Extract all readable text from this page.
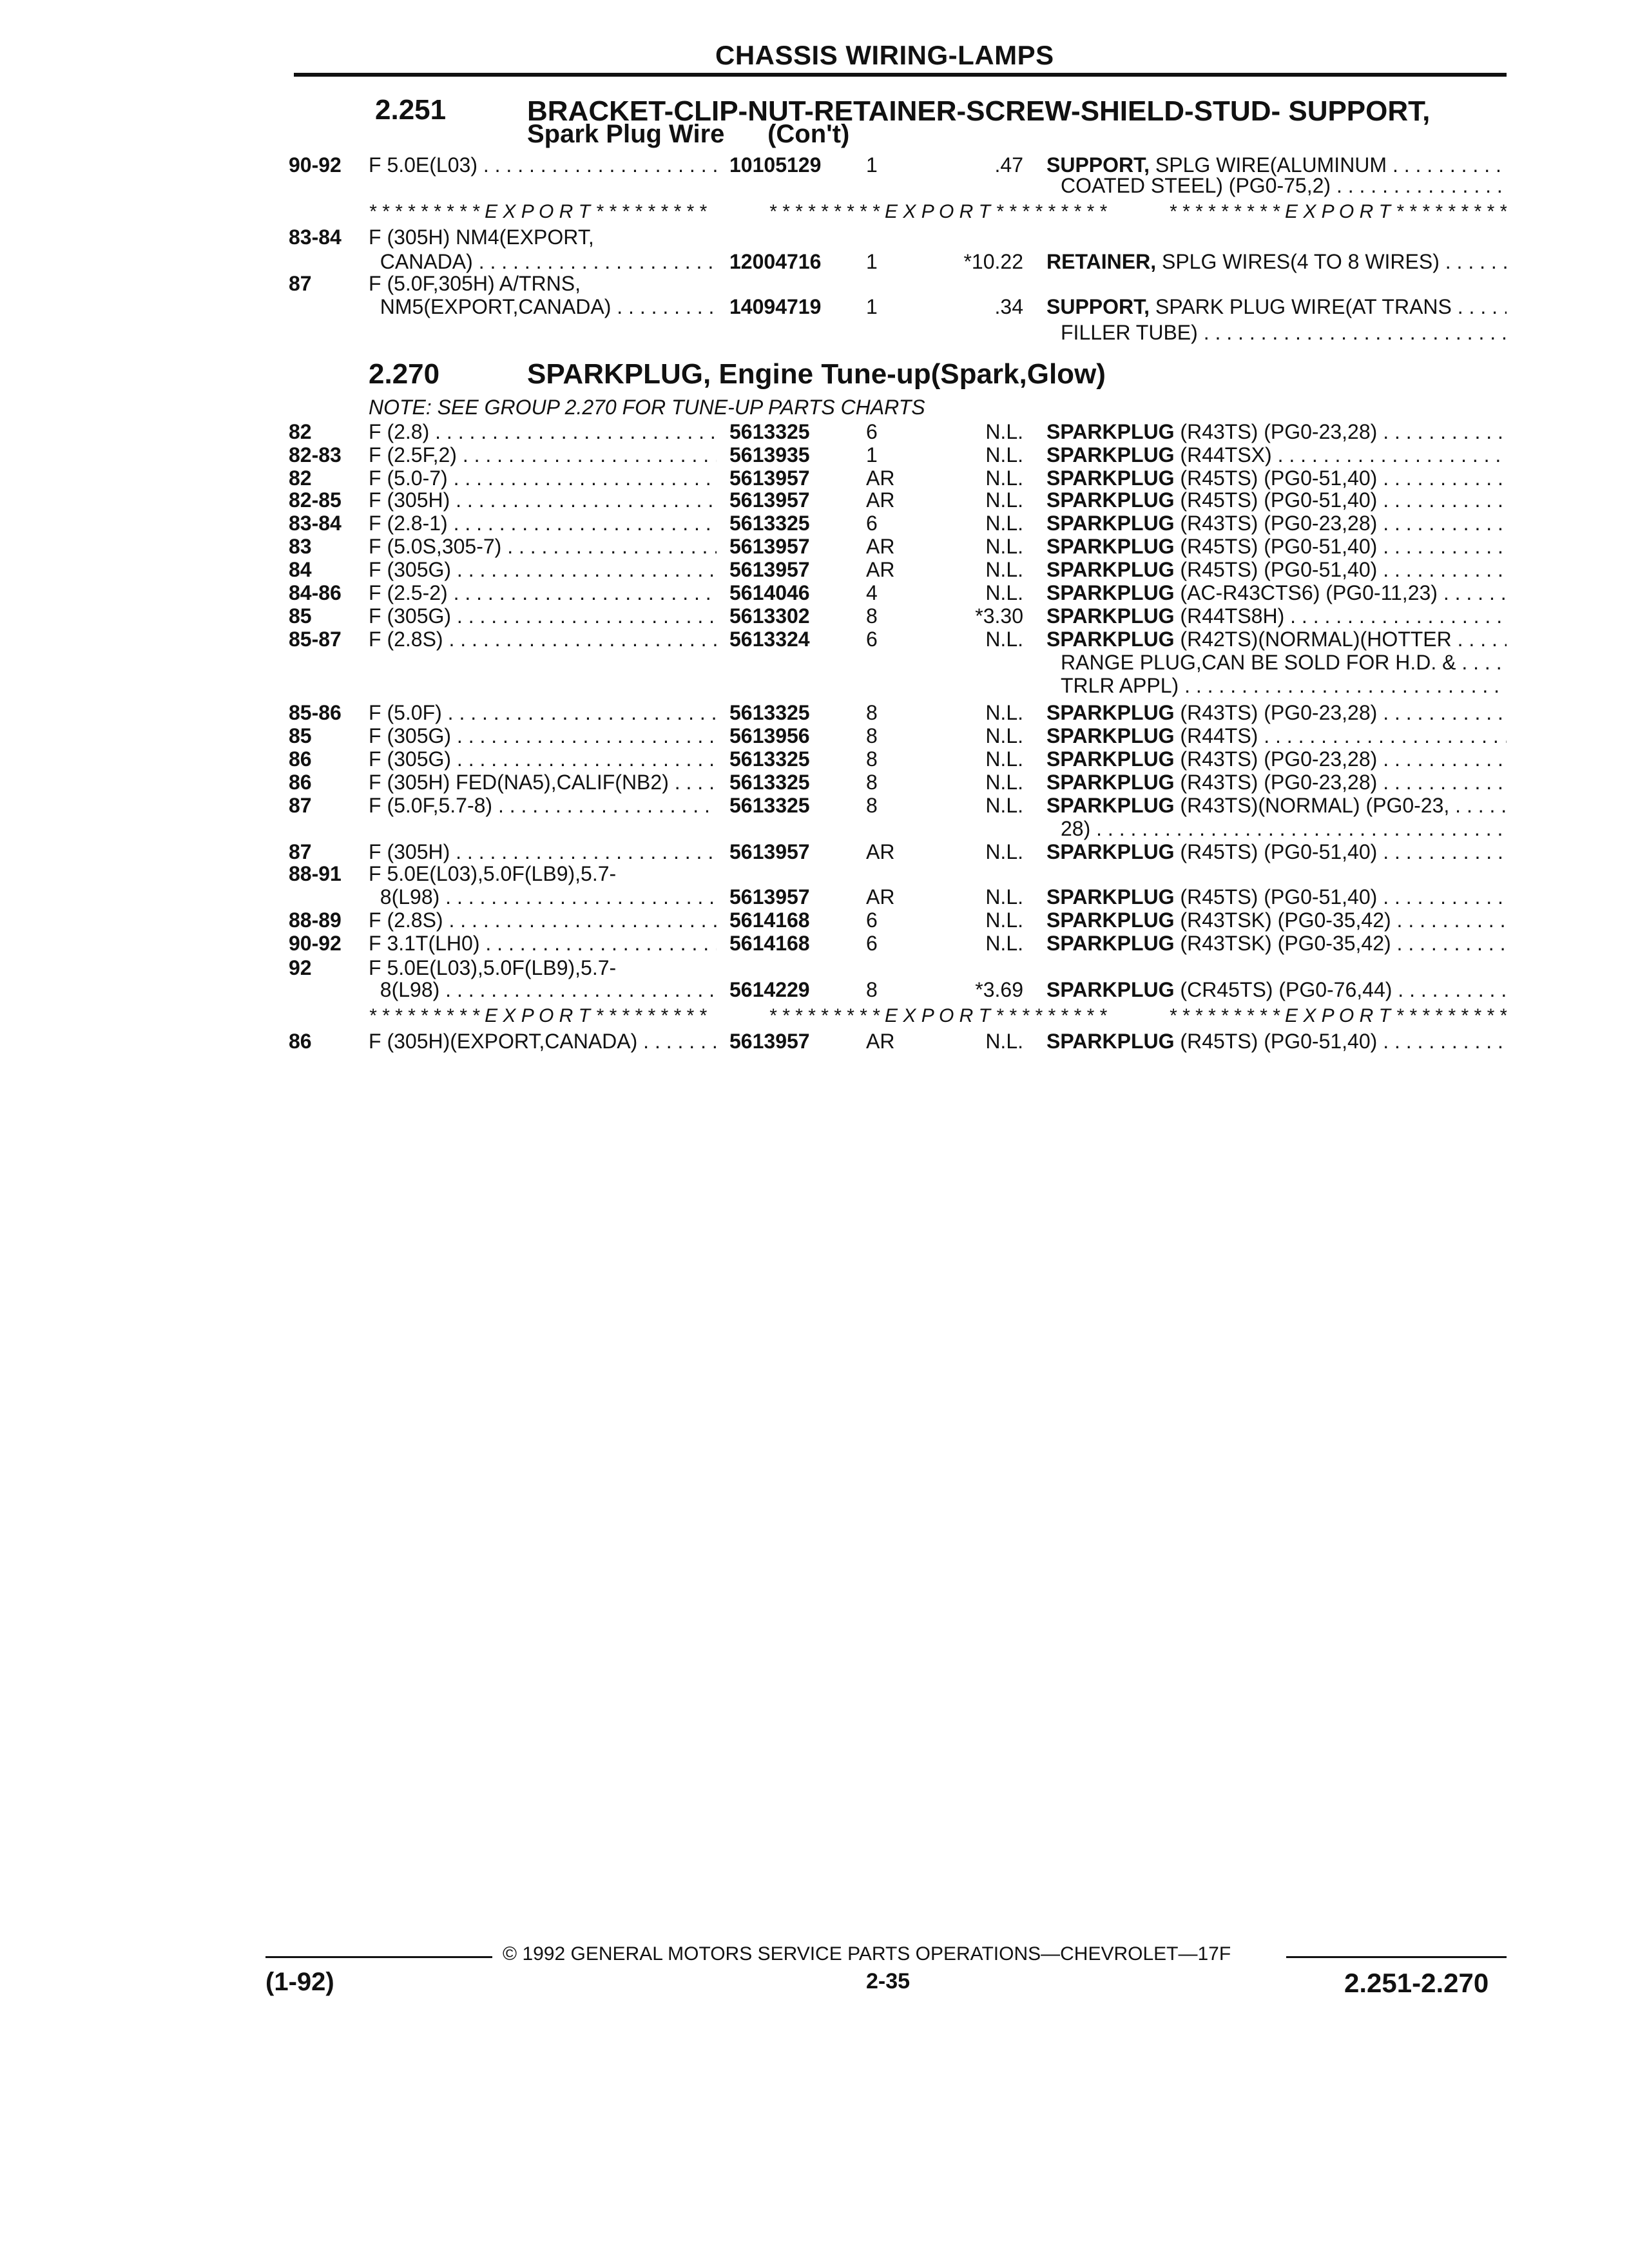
CHASSIS WIRING-LAMPS
2.251	BRACKET-CLIP-NUT-RETAINER-SCREW-SHIELD-STUD- SUPPORT,
Spark Plug Wire      (Con't)
90-92 F 5.0E(L03) . . .	10105129 1	.47 SUPPORT, SPLG WIRE(ALUMINUM . . .
COATED STEEL) (PG0-75,2) . . .
* * * * * * * * * E X P O R T * * * * * * * * *	* * * * * * * * * E X P O R T * * * * * * * * *	* * * * * * * * * E X P O R T * * * * * * * * *
83-84 F (305H) NM4(EXPORT,
CANADA) . . .	12004716 1	*10.22 RETAINER, SPLG WIRES(4 TO 8 WIRES) . . .
87	F (5.0F,305H) A/TRNS,
NM5(EXPORT,CANADA) . . .	14094719 1	.34 SUPPORT, SPARK PLUG WIRE(AT TRANS . . .
FILLER TUBE) . . .
2.270	SPARKPLUG, Engine Tune-up(Spark,Glow)
NOTE: SEE GROUP 2.270 FOR TUNE-UP PARTS CHARTS
82	F (2.8) . . .	5613325	6	N.L. SPARKPLUG (R43TS) (PG0-23,28) . . .
82-83 F (2.5F,2) . . .	5613935	1	N.L. SPARKPLUG (R44TSX) . . .
82	F (5.0-7) . . .	5613957	AR	N.L. SPARKPLUG (R45TS) (PG0-51,40) . . .
82-85 F (305H) . . .	5613957	AR	N.L. SPARKPLUG (R45TS) (PG0-51,40) . . .
83-84 F (2.8-1) . . .	5613325	6	N.L. SPARKPLUG (R43TS) (PG0-23,28) . . .
83	F (5.0S,305-7) . . .	5613957	AR	N.L. SPARKPLUG (R45TS) (PG0-51,40) . . .
84	F (305G) . . .	5613957	AR	N.L. SPARKPLUG (R45TS) (PG0-51,40) . . .
84-86 F (2.5-2) . . .	5614046	4	N.L. SPARKPLUG (AC-R43CTS6) (PG0-11,23) . . .
85	F (305G) . . .	5613302	8	*3.30 SPARKPLUG (R44TS8H) . . .
85-87 F (2.8S) . . .	5613324	6	N.L. SPARKPLUG (R42TS)(NORMAL)(HOTTER . . .
RANGE PLUG,CAN BE SOLD FOR H.D. & . . .
TRLR APPL) . . .
85-86 F (5.0F) . . .	5613325	8	N.L. SPARKPLUG (R43TS) (PG0-23,28) . . .
85	F (305G) . . .	5613956	8	N.L. SPARKPLUG (R44TS) . . .
86	F (305G) . . .	5613325	8	N.L. SPARKPLUG (R43TS) (PG0-23,28) . . .
86	F (305H) FED(NA5),CALIF(NB2) . . .	5613325	8	N.L. SPARKPLUG (R43TS) (PG0-23,28) . . .
87	F (5.0F,5.7-8) . . .	5613325	8	N.L. SPARKPLUG (R43TS)(NORMAL) (PG0-23, . . .
28) . . .
87	F (305H) . . .	5613957	AR	N.L. SPARKPLUG (R45TS) (PG0-51,40) . . .
88-91 F 5.0E(L03),5.0F(LB9),5.7-
8(L98) . . .	5613957	AR	N.L. SPARKPLUG (R45TS) (PG0-51,40) . . .
88-89 F (2.8S) . . .	5614168	6	N.L. SPARKPLUG (R43TSK) (PG0-35,42) . . .
90-92 F 3.1T(LH0) . . .	5614168	6	N.L. SPARKPLUG (R43TSK) (PG0-35,42) . . .
92	F 5.0E(L03),5.0F(LB9),5.7-
8(L98) . . .	5614229	8	*3.69 SPARKPLUG (CR45TS) (PG0-76,44) . . .
* * * * * * * * * E X P O R T * * * * * * * * *	* * * * * * * * * E X P O R T * * * * * * * * *	* * * * * * * * * E X P O R T * * * * * * * * *
86	F (305H)(EXPORT,CANADA) . . .	5613957	AR	N.L. SPARKPLUG (R45TS) (PG0-51,40) . . .
© 1992 GENERAL MOTORS SERVICE PARTS OPERATIONS—CHEVROLET—17F
(1-92)	2-35	2.251-2.270
